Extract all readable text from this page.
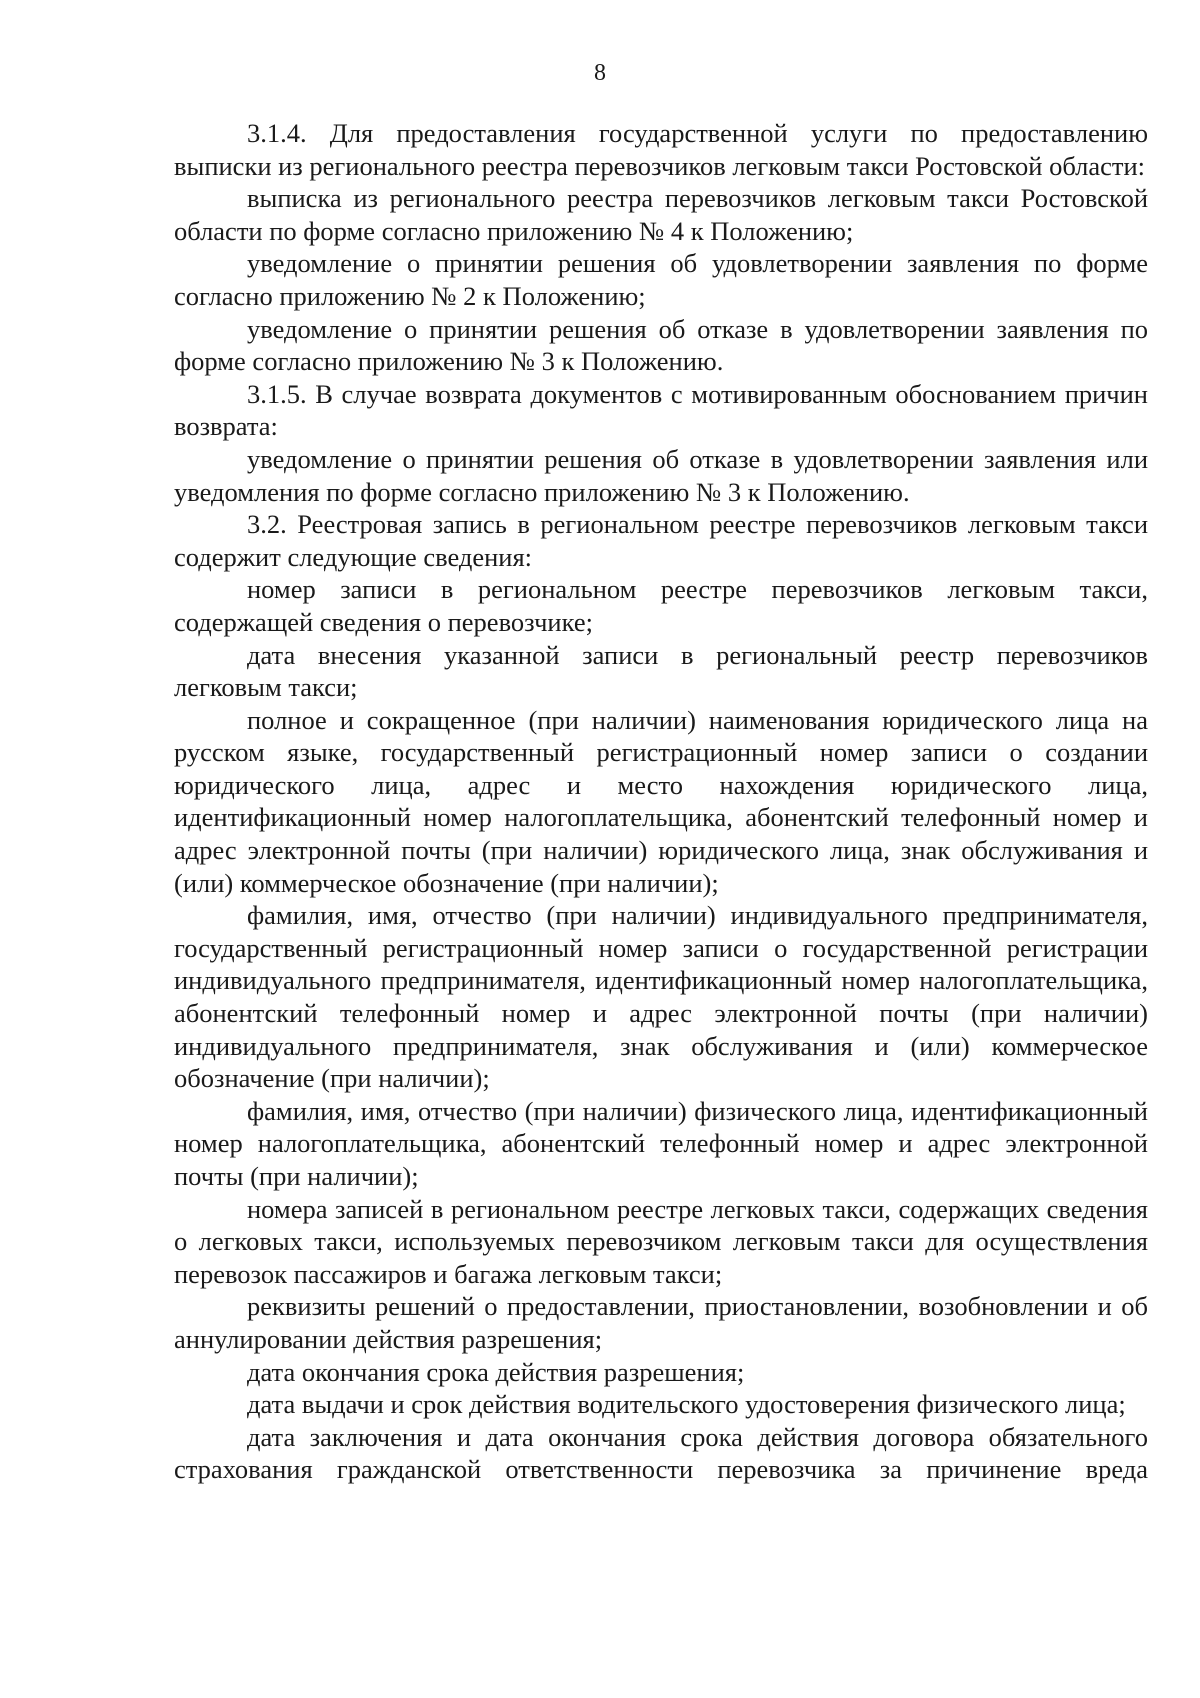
8

3.1.4. Для предоставления государственной услуги по предоставлению выписки из регионального реестра перевозчиков легковым такси Ростовской области:

выписка из регионального реестра перевозчиков легковым такси Ростовской области по форме согласно приложению № 4 к Положению;

уведомление о принятии решения об удовлетворении заявления по форме согласно приложению № 2 к Положению;

уведомление о принятии решения об отказе в удовлетворении заявления по форме согласно приложению № 3 к Положению.

3.1.5. В случае возврата документов с мотивированным обоснованием причин возврата:

уведомление о принятии решения об отказе в удовлетворении заявления или уведомления по форме согласно приложению № 3 к Положению.

3.2. Реестровая запись в региональном реестре перевозчиков легковым такси содержит следующие сведения:

номер записи в региональном реестре перевозчиков легковым такси, содержащей сведения о перевозчике;

дата внесения указанной записи в региональный реестр перевозчиков легковым такси;

полное и сокращенное (при наличии) наименования юридического лица на русском языке, государственный регистрационный номер записи о создании юридического лица, адрес и место нахождения юридического лица, идентификационный номер налогоплательщика, абонентский телефонный номер и адрес электронной почты (при наличии) юридического лица, знак обслуживания и (или) коммерческое обозначение (при наличии);

фамилия, имя, отчество (при наличии) индивидуального предпринимателя, государственный регистрационный номер записи о государственной регистрации индивидуального предпринимателя, идентификационный номер налогоплательщика, абонентский телефонный номер и адрес электронной почты (при наличии) индивидуального предпринимателя, знак обслуживания и (или) коммерческое обозначение (при наличии);

фамилия, имя, отчество (при наличии) физического лица, идентификационный номер налогоплательщика, абонентский телефонный номер и адрес электронной почты (при наличии);

номера записей в региональном реестре легковых такси, содержащих сведения о легковых такси, используемых перевозчиком легковым такси для осуществления перевозок пассажиров и багажа легковым такси;

реквизиты решений о предоставлении, приостановлении, возобновлении и об аннулировании действия разрешения;

дата окончания срока действия разрешения;

дата выдачи и срок действия водительского удостоверения физического лица;

дата заключения и дата окончания срока действия договора обязательного страхования гражданской ответственности перевозчика за причинение вреда
